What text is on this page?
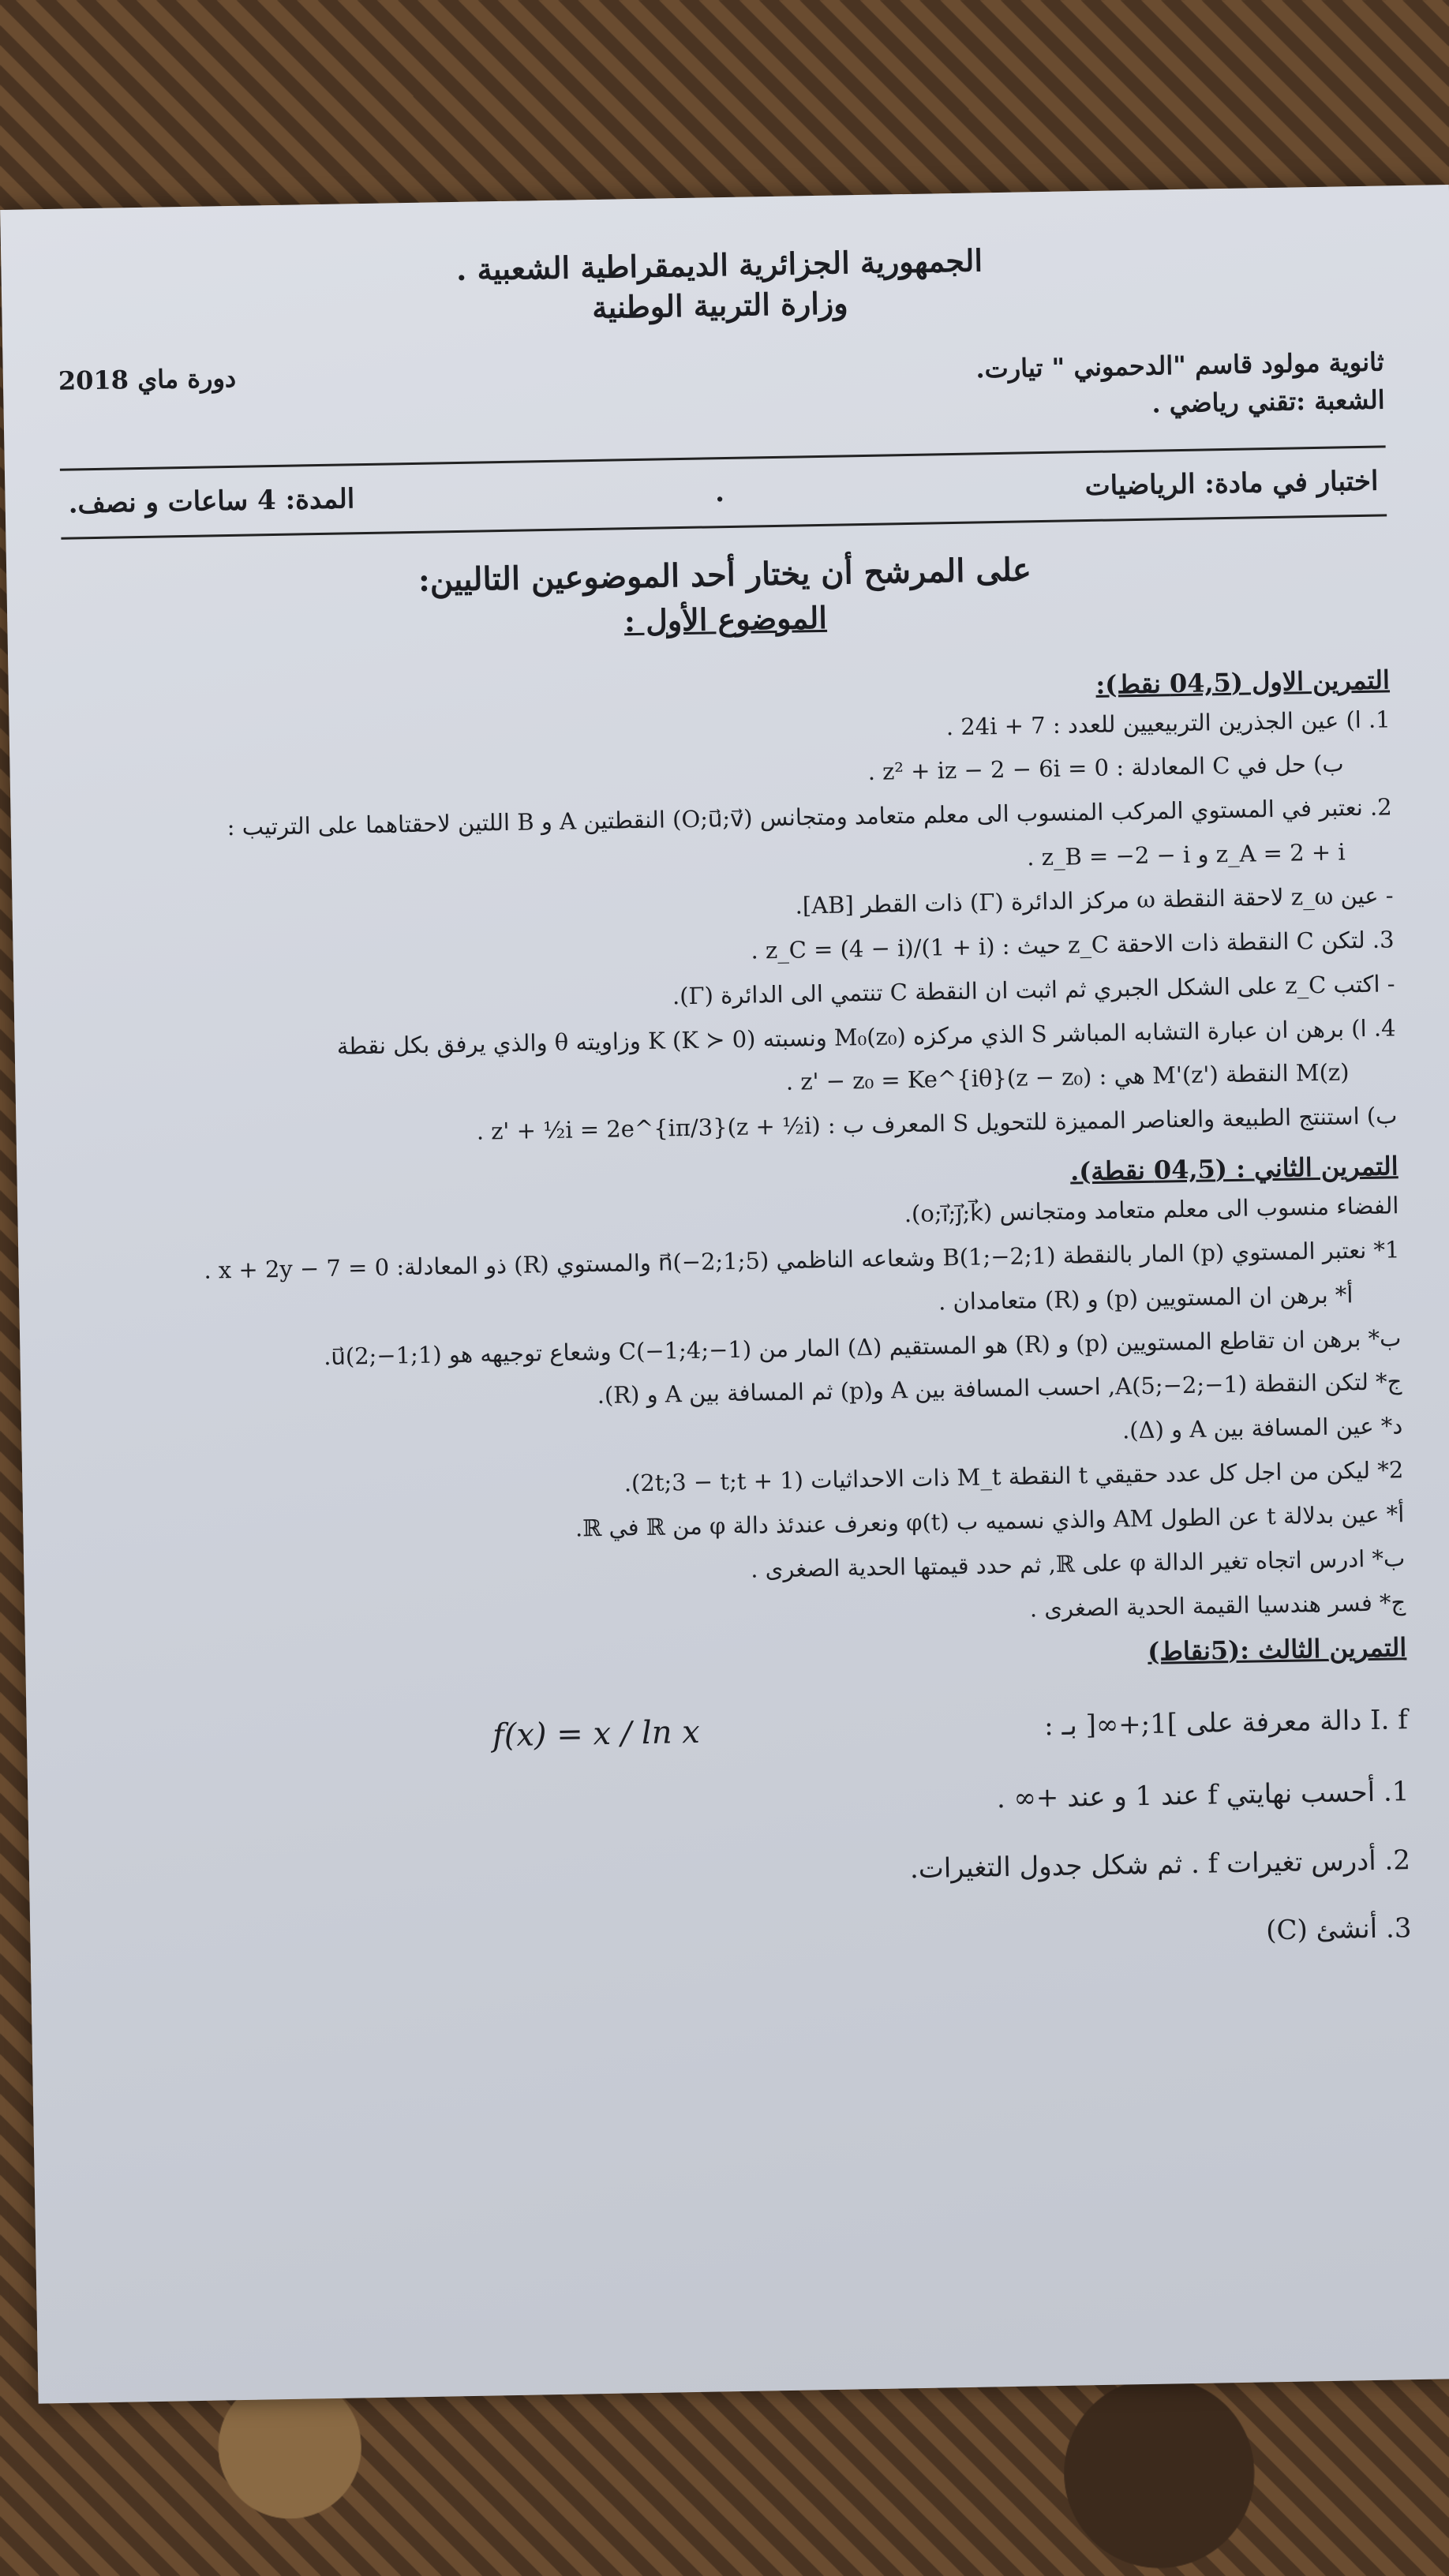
الجمهورية الجزائرية الديمقراطية الشعبية .

وزارة التربية الوطنية

ثانوية مولود قاسم "الدحموني " تيارت.
الشعبة :تقني رياضي .
دورة ماي 2018
اختبار في مادة: الرياضيات
.
المدة: 4 ساعات و نصف.
على المرشح أن يختار أحد الموضوعين التاليين:
الموضوع الأول :
التمرين الاول (04,5 نقط):
1. ا) عين الجذرين التربيعيين للعدد : 7 + 24i .
ب) حل في C المعادلة : z² + iz − 2 − 6i = 0 .
2. نعتبر في المستوي المركب المنسوب الى معلم متعامد ومتجانس (O;u⃗;v⃗) النقطتين A و B اللتين لاحقتاهما على الترتيب :
z_A = 2 + i و z_B = −2 − i .
- عين z_ω لاحقة النقطة ω مركز الدائرة (Γ) ذات القطر [AB].
3. لتكن C النقطة ذات الاحقة z_C حيث : z_C = (4 − i)/(1 + i) .
- اكتب z_C على الشكل الجبري ثم اثبت ان النقطة C تنتمي الى الدائرة (Γ).
4. ا) برهن ان عبارة التشابه المباشر S الذي مركزه M₀(z₀) ونسبته K (K ≻ 0) وزاويته θ والذي يرفق بكل نقطة
M(z) النقطة M'(z') هي : z' − z₀ = Ke^{iθ}(z − z₀) .
ب) استنتج الطبيعة والعناصر المميزة للتحويل S المعرف ب : z' + ½i = 2e^{iπ/3}(z + ½i) .
التمرين الثاني : (04,5 نقطة).
الفضاء منسوب الى معلم متعامد ومتجانس (o;i⃗;j⃗;k⃗).
1* نعتبر المستوي (p) المار بالنقطة B(1;−2;1) وشعاعه الناظمي n⃗(−2;1;5) والمستوي (R) ذو المعادلة: x + 2y − 7 = 0 .
أ* برهن ان المستويين (p) و (R) متعامدان .
ب* برهن ان تقاطع المستويين (p) و (R) هو المستقيم (Δ) المار من C(−1;4;−1) وشعاع توجيهه هو u⃗(2;−1;1).
ج* لتكن النقطة A(5;−2;−1), احسب المسافة بين A و(p) ثم المسافة بين A و (R).
د* عين المسافة بين A و (Δ).
2* ليكن من اجل كل عدد حقيقي t النقطة M_t ذات الاحداثيات (1 + 2t;3 − t;t).
أ* عين بدلالة t عن الطول AM والذي نسميه ب φ(t) ونعرف عندئذ دالة φ من ℝ في ℝ.
ب* ادرس اتجاه تغير الدالة φ على ℝ, ثم حدد قيمتها الحدية الصغرى .
ج* فسر هندسيا القيمة الحدية الصغرى .
التمرين الثالث :(5نقاط)
I. f دالة معرفة على ]1;+∞[ بـ :
f(x) = x / ln x
1. أحسب نهايتي f عند 1 و عند +∞ .
2. أدرس تغيرات f . ثم شكل جدول التغيرات.
3. أنشئ (C)
